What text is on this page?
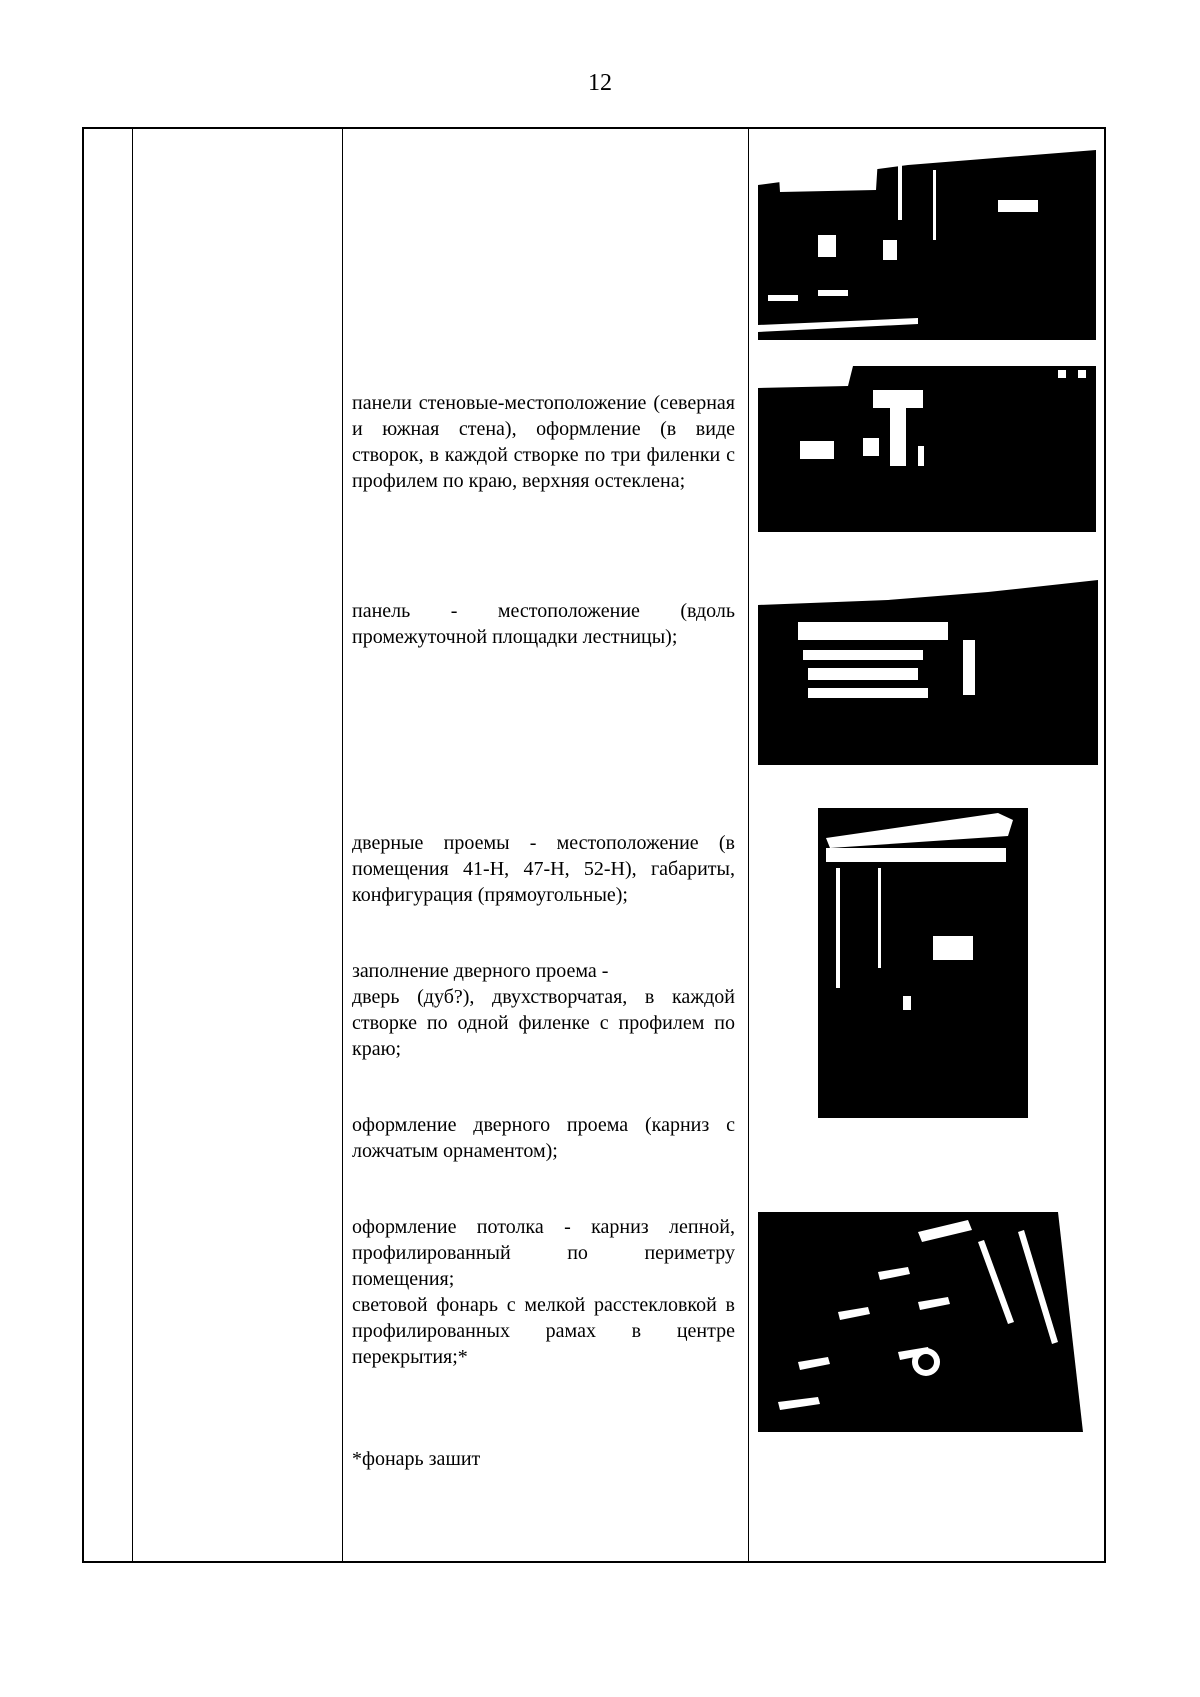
12

панели стеновые-местоположение (северная и южная стена), оформление (в виде створок, в каждой створке по три филенки с профилем по краю, верхняя остеклена;

панель - местоположение (вдоль промежуточной площадки лестницы);

дверные проемы - местоположение (в помещения 41-Н, 47-Н, 52-Н), габариты, конфигурация (прямоугольные);

заполнение дверного проема -

дверь (дуб?), двухстворчатая, в каждой створке по одной филенке с профилем по краю;

оформление дверного проема (карниз с ложчатым орнаментом);

оформление потолка - карниз лепной, профилированный по периметру помещения;

световой фонарь с мелкой расстекловкой в профилированных рамах в центре перекрытия;*

*фонарь зашит
